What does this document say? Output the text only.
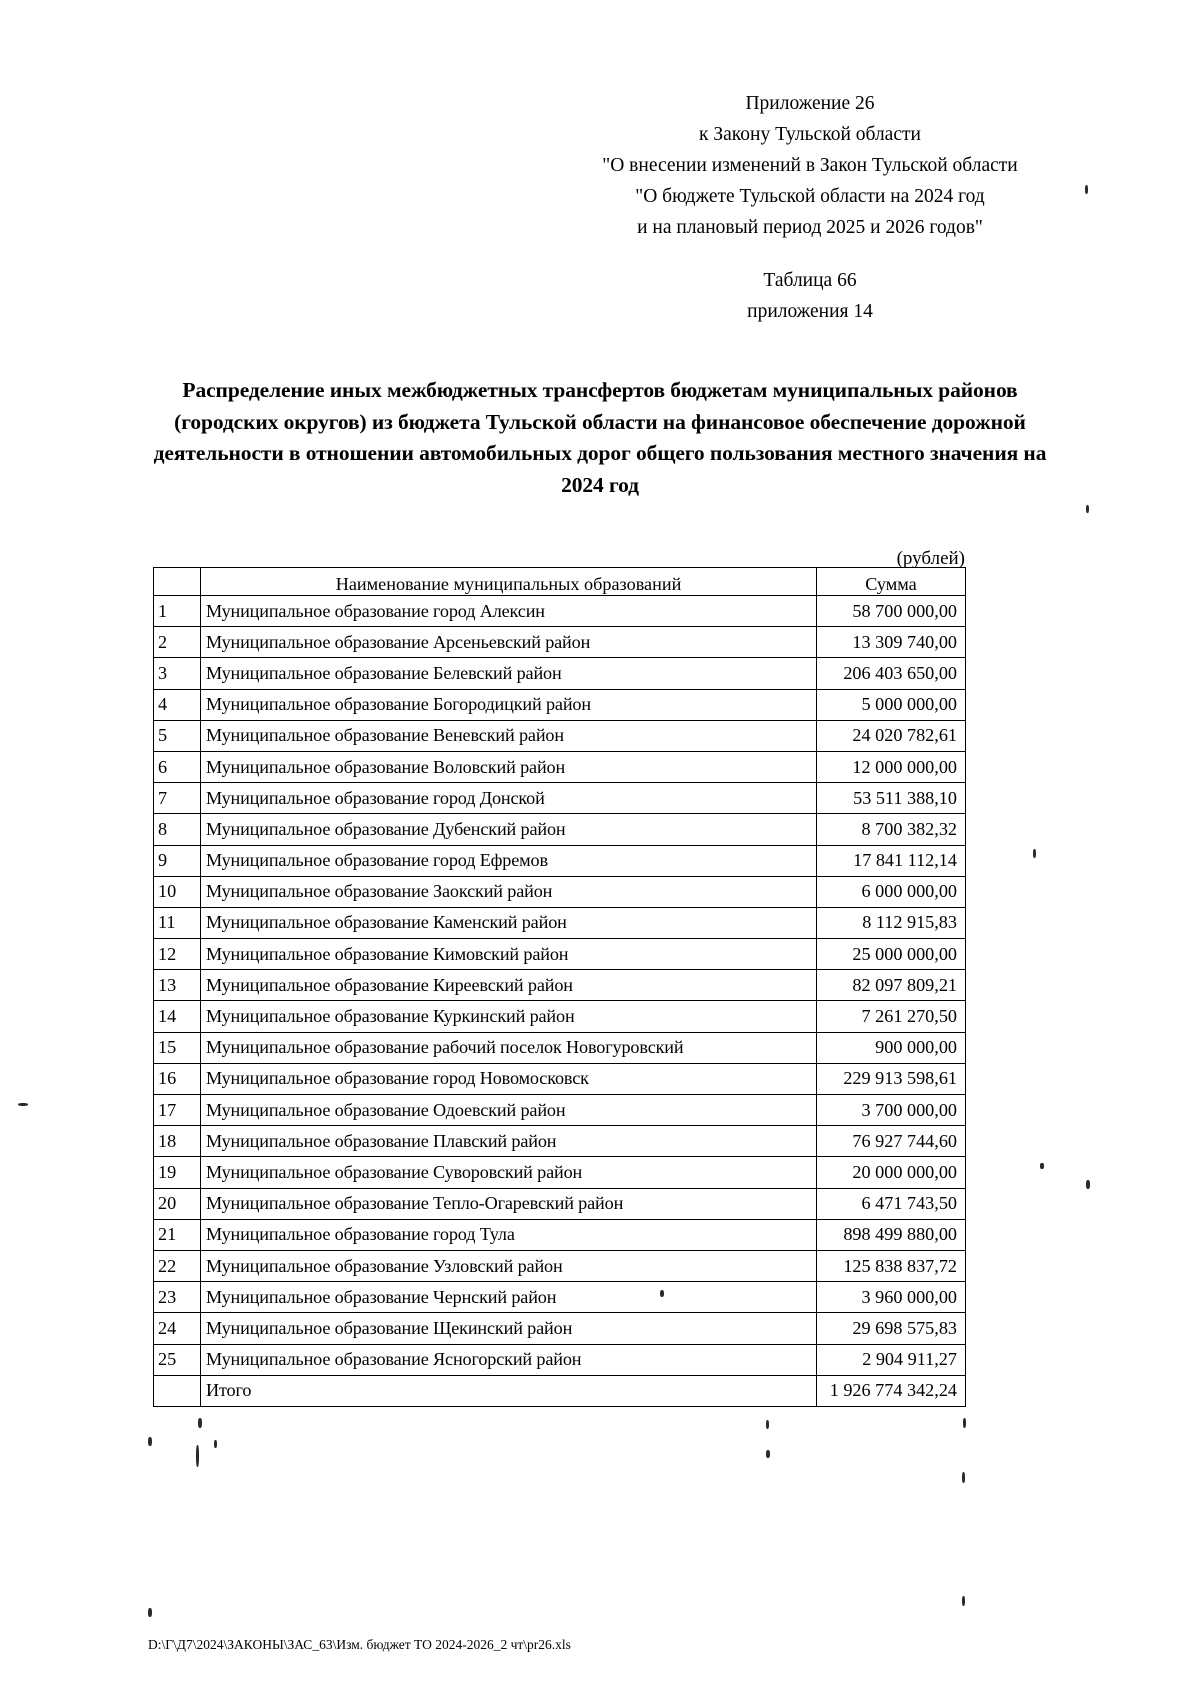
Приложение 26
к Закону Тульской области
"О внесении изменений в Закон Тульской области
"О бюджете Тульской области на 2024 год
и на плановый период 2025 и 2026 годов"
Таблица 66
приложения 14
Распределение иных межбюджетных трансфертов бюджетам муниципальных районов (городских округов) из бюджета Тульской области на финансовое обеспечение дорожной деятельности в отношении автомобильных дорог общего пользования местного значения на 2024 год
(рублей)
	Наименование муниципальных образований	Сумма
1	Муниципальное образование город Алексин	58 700 000,00
2	Муниципальное образование Арсеньевский район	13 309 740,00
3	Муниципальное образование Белевский район	206 403 650,00
4	Муниципальное образование Богородицкий район	5 000 000,00
5	Муниципальное образование Веневский район	24 020 782,61
6	Муниципальное образование Воловский район	12 000 000,00
7	Муниципальное образование город Донской	53 511 388,10
8	Муниципальное образование Дубенский район	8 700 382,32
9	Муниципальное образование город Ефремов	17 841 112,14
10	Муниципальное образование Заокский район	6 000 000,00
11	Муниципальное образование Каменский район	8 112 915,83
12	Муниципальное образование Кимовский район	25 000 000,00
13	Муниципальное образование Киреевский район	82 097 809,21
14	Муниципальное образование Куркинский район	7 261 270,50
15	Муниципальное образование рабочий поселок Новогуровский	900 000,00
16	Муниципальное образование город Новомосковск	229 913 598,61
17	Муниципальное образование Одоевский район	3 700 000,00
18	Муниципальное образование Плавский район	76 927 744,60
19	Муниципальное образование Суворовский район	20 000 000,00
20	Муниципальное образование Тепло-Огаревский район	6 471 743,50
21	Муниципальное образование город Тула	898 499 880,00
22	Муниципальное образование Узловский район	125 838 837,72
23	Муниципальное образование Чернский район	3 960 000,00
24	Муниципальное образование Щекинский район	29 698 575,83
25	Муниципальное образование Ясногорский район	2 904 911,27
	Итого	1 926 774 342,24
D:\Г\Д7\2024\ЗАКОНЫ\ЗАС_63\Изм. бюджет ТО 2024-2026_2 чт\pr26.xls
